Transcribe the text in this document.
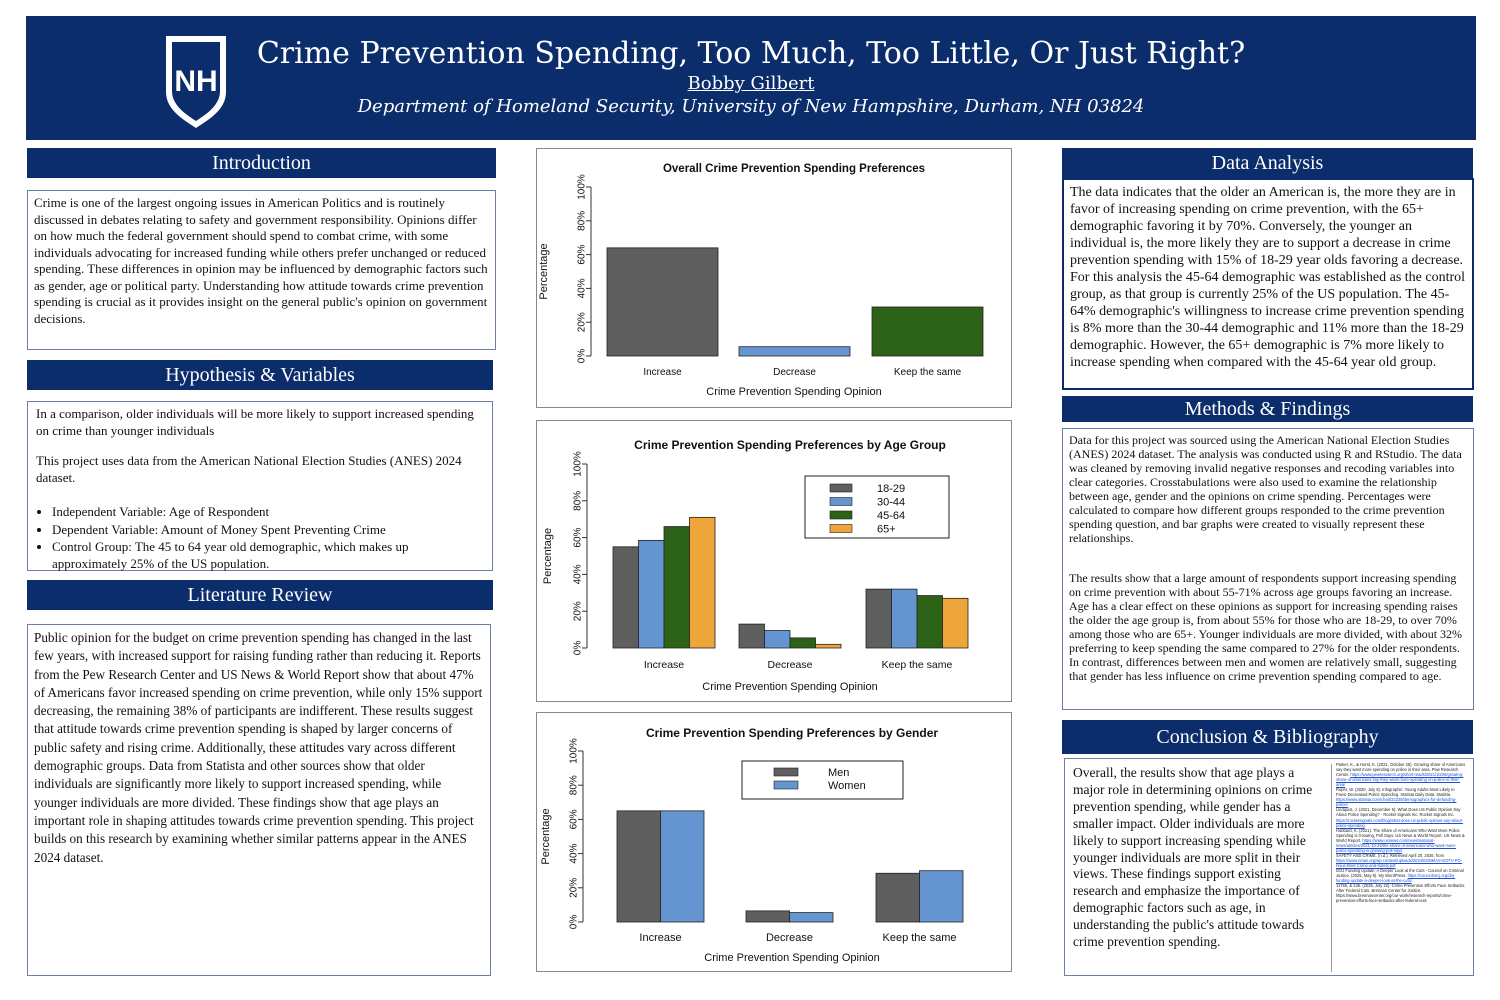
NH
Crime Prevention Spending, Too Much, Too Little, Or Just Right?
Bobby Gilbert
Department of Homeland Security, University of New Hampshire, Durham, NH 03824
Introduction

Crime is one of the largest ongoing issues in American Politics and is routinely discussed in debates relating to safety and government responsibility. Opinions differ on how much the federal government should spend to combat crime, with some individuals advocating for increased funding while others prefer unchanged or reduced spending. These differences in opinion may be influenced by demographic factors such as gender, age or political party. Understanding how attitude towards crime prevention spending is crucial as it provides insight on the general public's opinion on government decisions.

Hypothesis & Variables

In a comparison, older individuals will be more likely to support increased spending on crime than younger individuals

This project uses data from the American National Election Studies (ANES) 2024 dataset.

• Independent Variable: Age of Respondent
• Dependent Variable: Amount of Money Spent Preventing Crime
• Control Group: The 45 to 64 year old demographic, which makes up approximately 25% of the US population.
Literature Review

Public opinion for the budget on crime prevention spending has changed in the last few years, with increased support for raising funding rather than reducing it. Reports from the Pew Research Center and US News & World Report show that about 47% of Americans favor increased spending on crime prevention, while only 15% support decreasing, the remaining 38% of participants are indifferent. These results suggest that attitude towards crime prevention spending is shaped by larger concerns of public safety and rising crime. Additionally, these attitudes vary across different demographic groups. Data from Statista and other sources show that older individuals are significantly more likely to support increased spending, while younger individuals are more divided. These findings show that age plays an important role in shaping attitudes towards crime prevention spending. This project builds on this research by examining whether similar patterns appear in the ANES 2024 dataset.

Overall Crime Prevention Spending Preferences
0%
20%
40%
60%
80%
100%
Percentage
Increase	Decrease	Keep the same
Crime Prevention Spending Opinion
Crime Prevention Spending Preferences by Age Group
0%
20%
40%
60%
80%
100%
Percentage
Increase	Decrease	Keep the same
Crime Prevention Spending Opinion
18-29
30-44
45-64
65+
Crime Prevention Spending Preferences by Gender
0%
20%
40%
60%
80%
100%
Percentage
Increase	Decrease	Keep the same
Crime Prevention Spending Opinion
Men
Women
Data Analysis

The data indicates that the older an American is, the more they are in favor of increasing spending on crime prevention, with the 65+ demographic favoring it by 70%. Conversely, the younger an individual is, the more likely they are to support a decrease in crime prevention spending with 15% of 18-29 year olds favoring a decrease. For this analysis the 45-64 demographic was established as the control group, as that group is currently 25% of the US population. The 45-64% demographic's willingness to increase crime prevention spending is 8% more than the 30-44 demographic and 11% more than the 18-29 demographic. However, the 65+ demographic is 7% more likely to increase spending when compared with the 45-64 year old group.

Methods & Findings

Data for this project was sourced using the American National Election Studies (ANES) 2024 dataset. The analysis was conducted using R and RStudio. The data was cleaned by removing invalid negative responses and recoding variables into clear categories. Crosstabulations were also used to examine the relationship between age, gender and the opinions on crime spending. Percentages were calculated to compare how different groups responded to the crime prevention spending question, and bar graphs were created to visually represent these relationships.

The results show that a large amount of respondents support increasing spending on crime prevention with about 55-71% across age groups favoring an increase. Age has a clear effect on these opinions as support for increasing spending raises the older the age group is, from about 55% for those who are 18-29, to over 70% among those who are 65+. Younger individuals are more divided, with about 32% preferring to keep spending the same compared to 27% for the older respondents. In contrast, differences between men and women are relatively small, suggesting that gender has less influence on crime prevention spending compared to age.

Conclusion & Bibliography

Overall, the results show that age plays a major role in determining opinions on crime prevention spending, while gender has a smaller impact. Older individuals are more likely to support increasing spending while younger individuals are more split in their views. These findings support existing research and emphasize the importance of demographic factors such as age, in understanding the public's attitude towards crime prevention spending.

Parker, K., & Hurst, K. (2021, October 26). Growing share of Americans say they want more spending on police in their area. Pew Research Center. https://www.pewresearch.org/short-reads/2021/10/26/growing-share-of-americans-say-they-want-more-spending-on-police-in-their-area/
Roper, W. (2020, July 9). Infographic: Young Adults Most Likely to Favor Decreased Police Spending. Statista Daily Data. Statista. https://www.statista.com/chart/22238/demographics-for-defunding-police/
Lindquist, J. (2021, December 6). What Does US Public Opinion Say About Police Spending? - Rocket Signals Inc. Rocket Signals Inc. https://rocketsignals.com/blog/what-does-us-public-opinion-say-about-police-spending
Hubbard, K. (2021). The Share of Americans Who Want More Police Spending is Growing, Poll Says. US News & World Report. US News & World Report. https://www.usnews.com/news/national-news/articles/2021-10-26/the-share-of-americans-who-want-more-police-spending-is-growing-poll-says
SAFETY AND CRIME. (n.d.). Retrieved April 20, 2026, from https://www.nmas.org/wp-content/uploads/2024/03/NMAS-GOTV-PO-Issue-Brief-Crime-and-Safety.pdf
DOJ Funding Update: A Deeper Look at the Cuts - Council on Criminal Justice. (2025, May 8). My WordPress. https://counciloncj.org/doj-funding-update-a-deeper-look-at-the-cuts/
11766, & 136. (2025, July 22). Crime Prevention Efforts Face Setbacks After Federal Cuts. Brennan Center for Justice. https://www.brennancenter.org/our-work/research-reports/crime-prevention-efforts-face-setbacks-after-federal-cuts
